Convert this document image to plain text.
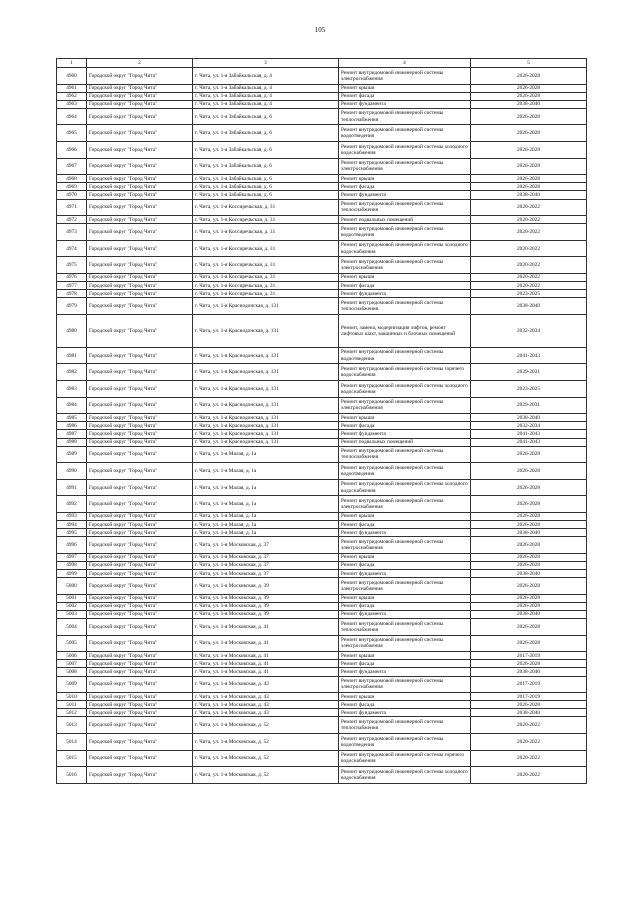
105
1	2	3	4	5
4960	Городской округ "Город Чита"	г. Чита, ул. 1-я Забайкальская, д. 4	Ремонт внутридомовой инженерной системы электроснабжения	2026-2028
4961	Городской округ "Город Чита"	г. Чита, ул. 1-я Забайкальская, д. 4	Ремонт крыши	2026-2028
4962	Городской округ "Город Чита"	г. Чита, ул. 1-я Забайкальская, д. 4	Ремонт фасада	2026-2028
4963	Городской округ "Город Чита"	г. Чита, ул. 1-я Забайкальская, д. 4	Ремонт фундамента	2038-2040
4964	Городской округ "Город Чита"	г. Чита, ул. 1-я Забайкальская, д. 6	Ремонт внутридомовой инженерной системы теплоснабжения	2026-2028
4965	Городской округ "Город Чита"	г. Чита, ул. 1-я Забайкальская, д. 6	Ремонт внутридомовой инженерной системы водоотведения	2026-2028
4966	Городской округ "Город Чита"	г. Чита, ул. 1-я Забайкальская, д. 6	Ремонт внутридомовой инженерной системы холодного водоснабжения	2026-2028
4967	Городской округ "Город Чита"	г. Чита, ул. 1-я Забайкальская, д. 6	Ремонт внутридомовой инженерной системы электроснабжения	2026-2028
4968	Городской округ "Город Чита"	г. Чита, ул. 1-я Забайкальская, д. 6	Ремонт крыши	2026-2028
4969	Городской округ "Город Чита"	г. Чита, ул. 1-я Забайкальская, д. 6	Ремонт фасада	2026-2028
4970	Городской округ "Город Чита"	г. Чита, ул. 1-я Забайкальская, д. 6	Ремонт фундамента	2038-2040
4971	Городской округ "Город Чита"	г. Чита, ул. 1-я Коссиречьская, д. 31	Ремонт внутридомовой инженерной системы теплоснабжения	2020-2022
4972	Городской округ "Город Чита"	г. Чита, ул. 1-я Коссиречьская, д. 31	Ремонт подвальных помещений	2020-2022
4973	Городской округ "Город Чита"	г. Чита, ул. 1-я Коссиречьская, д. 31	Ремонт внутридомовой инженерной системы водоотведения	2020-2022
4974	Городской округ "Город Чита"	г. Чита, ул. 1-я Коссиречьская, д. 31	Ремонт внутридомовой инженерной системы холодного водоснабжения	2020-2022
4975	Городской округ "Город Чита"	г. Чита, ул. 1-я Коссиречьская, д. 31	Ремонт внутридомовой инженерной системы электроснабжения	2020-2022
4976	Городской округ "Город Чита"	г. Чита, ул. 1-я Коссиречьская, д. 31	Ремонт крыши	2020-2022
4977	Городской округ "Город Чита"	г. Чита, ул. 1-я Коссиречьская, д. 31	Ремонт фасада	2020-2022
4978	Городской округ "Город Чита"	г. Чита, ул. 1-я Коссиречьская, д. 31	Ремонт фундамента	2023-2025
4979	Городской округ "Город Чита"	г. Чита, ул. 1-я Краснодонская, д. 131	Ремонт внутридомовой инженерной системы теплоснабжения	2038-2040
4980	Городской округ "Город Чита"	г. Чита, ул. 1-я Краснодонская, д. 131	Ремонт, замена, модернизация лифтов, ремонт лифтовых шахт, машинных и блочных помещений	2032-2034
4981	Городской округ "Город Чита"	г. Чита, ул. 1-я Краснодонская, д. 131	Ремонт внутридомовой инженерной системы водоотведения	2041-2043
4982	Городской округ "Город Чита"	г. Чита, ул. 1-я Краснодонская, д. 131	Ремонт внутридомовой инженерной системы горячего водоснабжения	2029-2031
4983	Городской округ "Город Чита"	г. Чита, ул. 1-я Краснодонская, д. 131	Ремонт внутридомовой инженерной системы холодного водоснабжения	2023-2025
4984	Городской округ "Город Чита"	г. Чита, ул. 1-я Краснодонская, д. 131	Ремонт внутридомовой инженерной системы электроснабжения	2029-2031
4985	Городской округ "Город Чита"	г. Чита, ул. 1-я Краснодонская, д. 131	Ремонт крыши	2038-2040
4986	Городской округ "Город Чита"	г. Чита, ул. 1-я Краснодонская, д. 131	Ремонт фасада	2032-2034
4987	Городской округ "Город Чита"	г. Чита, ул. 1-я Краснодонская, д. 131	Ремонт фундамента	2041-2043
4988	Городской округ "Город Чита"	г. Чита, ул. 1-я Краснодонская, д. 131	Ремонт подвальных помещений	2041-2043
4989	Городской округ "Город Чита"	г. Чита, ул. 1-я Малая, д. 1а	Ремонт внутридомовой инженерной системы теплоснабжения	2026-2028
4990	Городской округ "Город Чита"	г. Чита, ул. 1-я Малая, д. 1а	Ремонт внутридомовой инженерной системы водоотведения	2026-2028
4991	Городской округ "Город Чита"	г. Чита, ул. 1-я Малая, д. 1а	Ремонт внутридомовой инженерной системы холодного водоснабжения	2026-2028
4992	Городской округ "Город Чита"	г. Чита, ул. 1-я Малая, д. 1а	Ремонт внутридомовой инженерной системы электроснабжения	2026-2028
4993	Городской округ "Город Чита"	г. Чита, ул. 1-я Малая, д. 1а	Ремонт крыши	2026-2028
4994	Городской округ "Город Чита"	г. Чита, ул. 1-я Малая, д. 1а	Ремонт фасада	2026-2028
4995	Городской округ "Город Чита"	г. Чита, ул. 1-я Малая, д. 1а	Ремонт фундамента	2038-2040
4996	Городской округ "Город Чита"	г. Чита, ул. 1-я Московская, д. 37	Ремонт внутридомовой инженерной системы электроснабжения	2026-2028
4997	Городской округ "Город Чита"	г. Чита, ул. 1-я Московская, д. 37	Ремонт крыши	2026-2028
4998	Городской округ "Город Чита"	г. Чита, ул. 1-я Московская, д. 37	Ремонт фасада	2026-2028
4999	Городской округ "Город Чита"	г. Чита, ул. 1-я Московская, д. 37	Ремонт фундамента	2038-2040
5000	Городской округ "Город Чита"	г. Чита, ул. 1-я Московская, д. 39	Ремонт внутридомовой инженерной системы электроснабжения	2026-2028
5001	Городской округ "Город Чита"	г. Чита, ул. 1-я Московская, д. 39	Ремонт крыши	2026-2028
5002	Городской округ "Город Чита"	г. Чита, ул. 1-я Московская, д. 39	Ремонт фасада	2026-2028
5003	Городской округ "Город Чита"	г. Чита, ул. 1-я Московская, д. 39	Ремонт фундамента	2038-2040
5004	Городской округ "Город Чита"	г. Чита, ул. 1-я Московская, д. 41	Ремонт внутридомовой инженерной системы теплоснабжения	2026-2028
5005	Городской округ "Город Чита"	г. Чита, ул. 1-я Московская, д. 41	Ремонт внутридомовой инженерной системы электроснабжения	2026-2028
5006	Городской округ "Город Чита"	г. Чита, ул. 1-я Московская, д. 41	Ремонт крыши	2017-2019
5007	Городской округ "Город Чита"	г. Чита, ул. 1-я Московская, д. 41	Ремонт фасада	2026-2028
5008	Городской округ "Город Чита"	г. Чита, ул. 1-я Московская, д. 41	Ремонт фундамента	2038-2040
5009	Городской округ "Город Чита"	г. Чита, ул. 1-я Московская, д. 43	Ремонт внутридомовой инженерной системы электроснабжения	2017-2019
5010	Городской округ "Город Чита"	г. Чита, ул. 1-я Московская, д. 43	Ремонт крыши	2017-2019
5011	Городской округ "Город Чита"	г. Чита, ул. 1-я Московская, д. 43	Ремонт фасада	2026-2028
5012	Городской округ "Город Чита"	г. Чита, ул. 1-я Московская, д. 43	Ремонт фундамента	2038-2040
5013	Городской округ "Город Чита"	г. Чита, ул. 1-я Московская, д. 52	Ремонт внутридомовой инженерной системы теплоснабжения	2020-2022
5014	Городской округ "Город Чита"	г. Чита, ул. 1-я Московская, д. 52	Ремонт внутридомовой инженерной системы водоотведения	2020-2022
5015	Городской округ "Город Чита"	г. Чита, ул. 1-я Московская, д. 52	Ремонт внутридомовой инженерной системы горячего водоснабжения	2020-2022
5016	Городской округ "Город Чита"	г. Чита, ул. 1-я Московская, д. 52	Ремонт внутридомовой инженерной системы холодного водоснабжения	2020-2022
